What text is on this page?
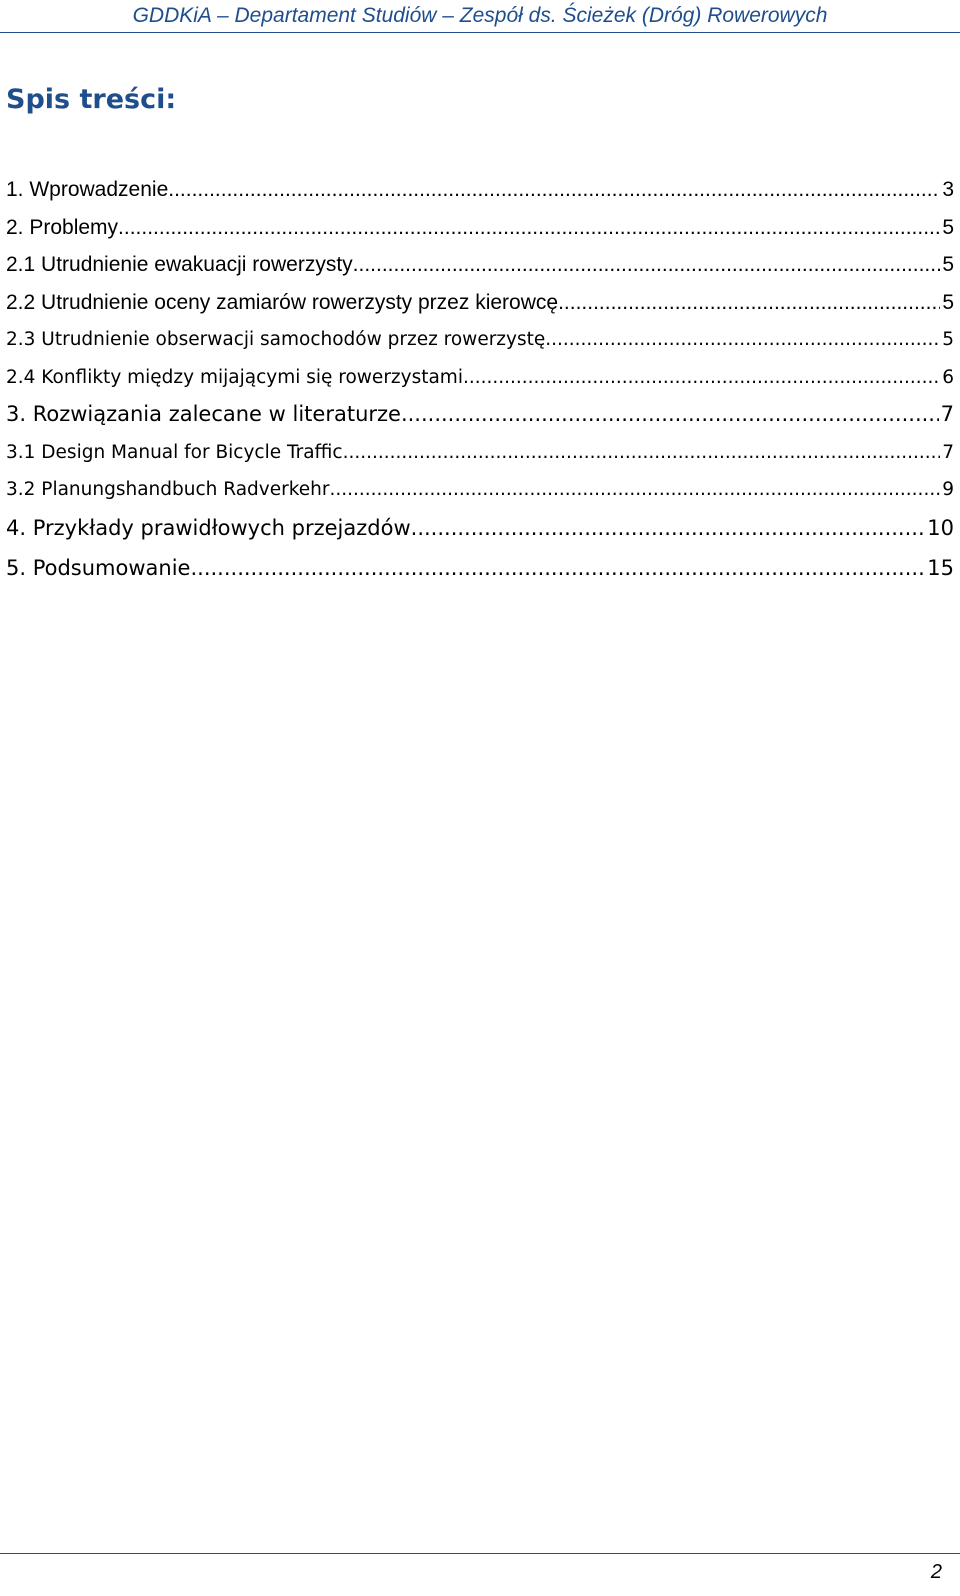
GDDKiA – Departament Studiów – Zespół ds. Ścieżek (Dróg) Rowerowych
Spis treści:
1. Wprowadzenie .....	3
2. Problemy .....	5
2.1 Utrudnienie ewakuacji rowerzysty .....	5
2.2 Utrudnienie oceny zamiarów rowerzysty przez kierowcę .....	5
2.3 Utrudnienie obserwacji samochodów przez rowerzystę .....	5
2.4 Konflikty między mijającymi się rowerzystami .....	6
3. Rozwiązania zalecane w literaturze .....	7
3.1 Design Manual for Bicycle Traffic .....	7
3.2 Planungshandbuch Radverkehr .....	9
4. Przykłady prawidłowych przejazdów .....	10
5. Podsumowanie .....	15
2
